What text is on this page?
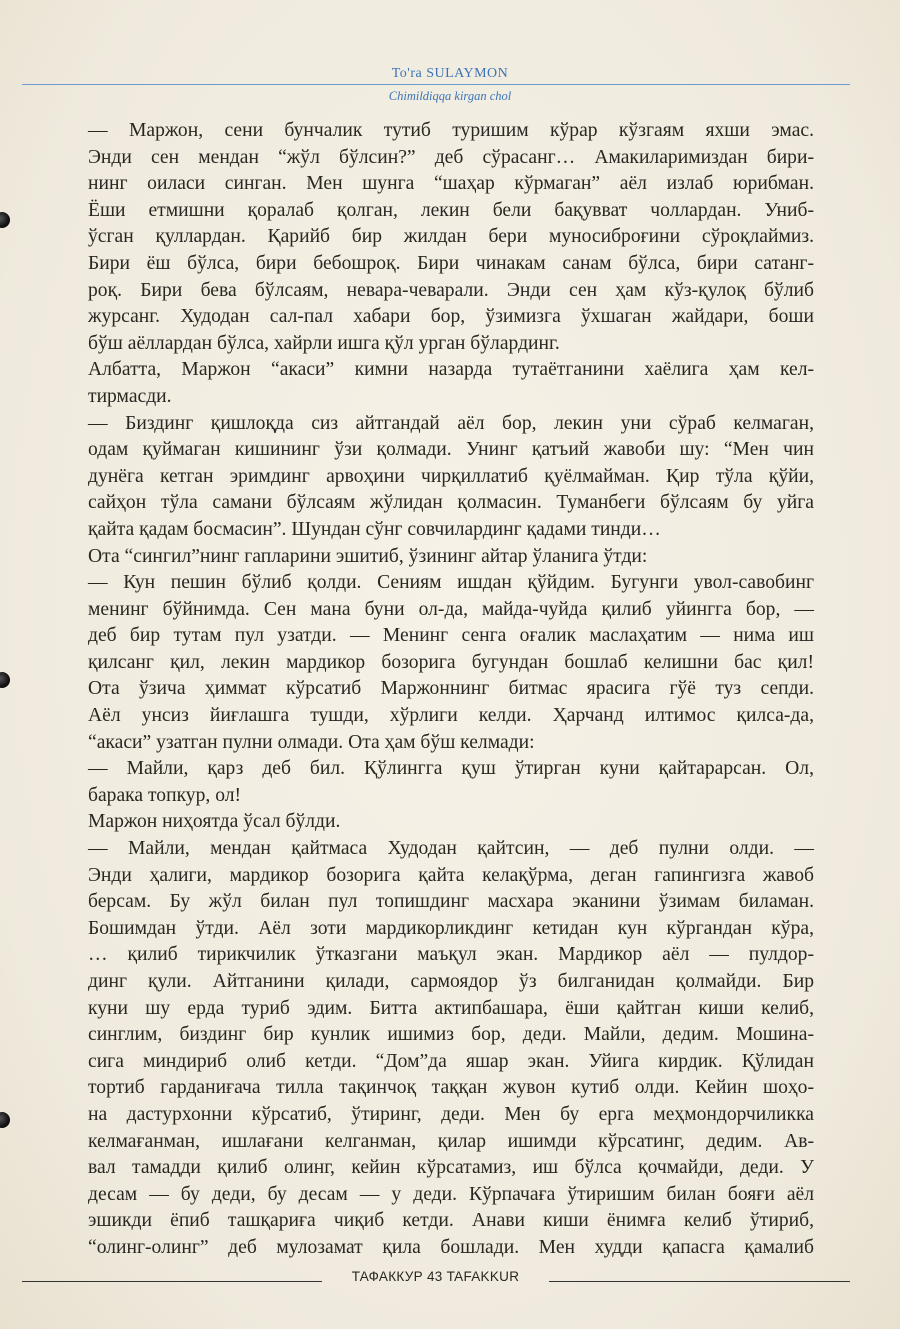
To'ra SULAYMON
Chimildiqqa kirgan chol
— Маржон, сени бунчалик тутиб туришим кўрар кўзгаям яхши эмас.
Энди сен мендан “жўл бўлсин?” деб сўрасанг… Амакиларимиздан бири-
нинг оиласи синган. Мен шунга “шаҳар кўрмаган” аёл излаб юрибман.
Ёши етмишни қоралаб қолган, лекин бели бақувват чоллардан. Униб-
ўсган қуллардан. Қарийб бир жилдан бери муносиброғини сўроқлаймиз.
Бири ёш бўлса, бири бебошроқ. Бири чинакам санам бўлса, бири сатанг-
роқ. Бири бева бўлсаям, невара-чеварали. Энди сен ҳам кўз-қулоқ бўлиб
журсанг. Худодан сал-пал хабари бор, ўзимизга ўхшаган жайдари, боши
бўш аёллардан бўлса, хайрли ишга қўл урган бўлардинг.
Албатта, Маржон “акаси” кимни назарда тутаётганини хаёлига ҳам кел-
тирмасди.
— Биздинг қишлоқда сиз айтгандай аёл бор, лекин уни сўраб келмаган,
одам қуймаган кишининг ўзи қолмади. Унинг қатъий жавоби шу: “Мен чин
дунёга кетган эримдинг арвоҳини чирқиллатиб қуёлмайман. Қир тўла қўйи,
сайҳон тўла самани бўлсаям жўлидан қолмасин. Туманбеги бўлсаям бу уйга
қайта қадам босмасин”. Шундан сўнг совчилардинг қадами тинди…
Ота “сингил”нинг гапларини эшитиб, ўзининг айтар ўланига ўтди:
— Кун пешин бўлиб қолди. Сениям ишдан қўйдим. Бугунги увол-савобинг
менинг бўйнимда. Сен мана буни ол-да, майда-чуйда қилиб уйингга бор, —
деб бир тутам пул узатди. — Менинг сенга оғалик маслаҳатим — нима иш
қилсанг қил, лекин мардикор бозорига бугундан бошлаб келишни бас қил!
Ота ўзича ҳиммат кўрсатиб Маржоннинг битмас ярасига гўё туз сепди.
Аёл унсиз йиғлашга тушди, хўрлиги келди. Ҳарчанд илтимос қилса-да,
“акаси” узатган пулни олмади. Ота ҳам бўш келмади:
— Майли, қарз деб бил. Қўлингга қуш ўтирган куни қайтарарсан. Ол,
барака топкур, ол!
Маржон ниҳоятда ўсал бўлди.
— Майли, мендан қайтмаса Худодан қайтсин, — деб пулни олди. —
Энди ҳалиги, мардикор бозорига қайта келақўрма, деган гапингизга жавоб
берсам. Бу жўл билан пул топишдинг масхара эканини ўзимам биламан.
Бошимдан ўтди. Аёл зоти мардикорликдинг кетидан кун кўргандан кўра,
… қилиб тирикчилик ўтказгани маъқул экан. Мардикор аёл — пулдор-
динг қули. Айтганини қилади, сармоядор ўз билганидан қолмайди. Бир
куни шу ерда туриб эдим. Битта актипбашара, ёши қайтган киши келиб,
синглим, биздинг бир кунлик ишимиз бор, деди. Майли, дедим. Мошина-
сига миндириб олиб кетди. “Дом”да яшар экан. Уйига кирдик. Қўлидан
тортиб гарданиғача тилла тақинчоқ таққан жувон кутиб олди. Кейин шоҳо-
на дастурхонни кўрсатиб, ўтиринг, деди. Мен бу ерга меҳмондорчиликка
келмағанман, ишлағани келганман, қилар ишимди кўрсатинг, дедим. Ав-
вал тамадди қилиб олинг, кейин кўрсатамиз, иш бўлса қочмайди, деди. У
десам — бу деди, бу десам — у деди. Кўрпачаға ўтиришим билан бояғи аёл
эшикди ёпиб ташқариға чиқиб кетди. Анави киши ёнимға келиб ўтириб,
“олинг-олинг” деб мулозамат қила бошлади. Мен худди қапасга қамалиб
ТАФАККУР 43 TAFAKKUR
